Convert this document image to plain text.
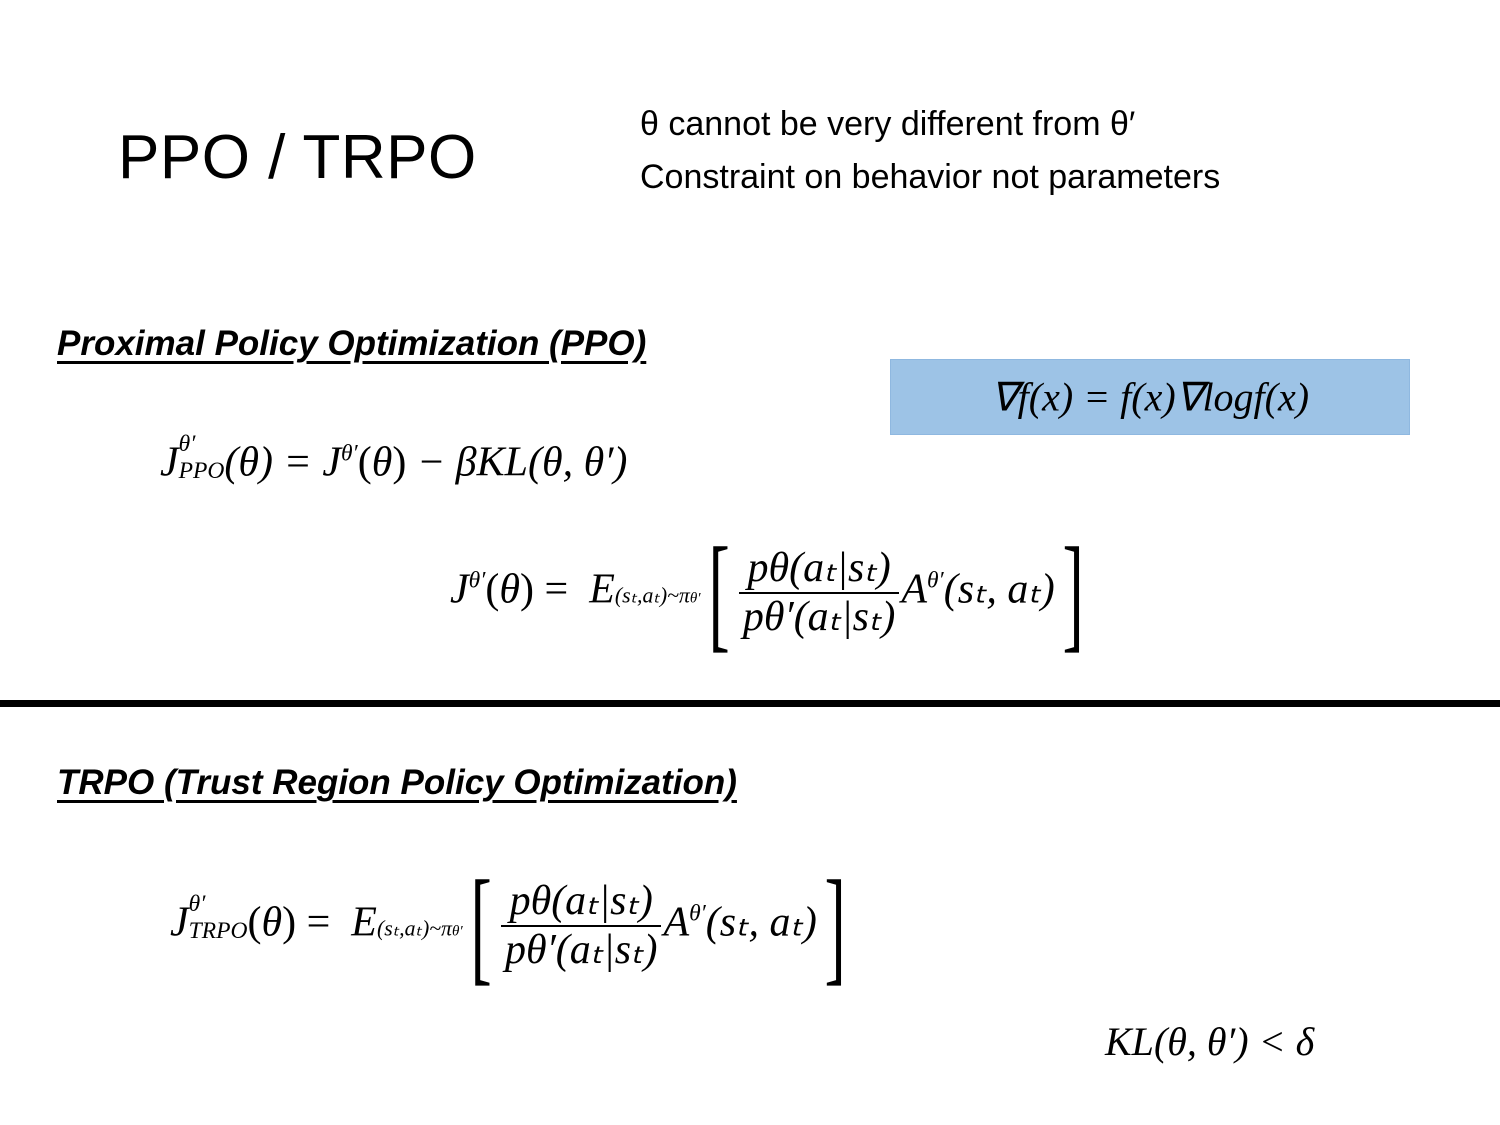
PPO / TRPO	θ cannot be very different from θ′
Constraint on behavior not parameters
Proximal Policy Optimization (PPO)
∇f(x) = f(x)∇logf(x)
J θ′
PPO $(\theta) = J^{\theta'}(\theta) - \beta KL(\theta$, θ′)
$J^{\theta'}(\theta)$ =  E(sₜ,aₜ)~πθ′[ $\frac{\text{pθ(aₜ|sₜ)}}{\text{pθ′(aₜ|sₜ)}} A^{\theta'}(s_t$, aₜ)]
TRPO (Trust Region Policy Optimization)
J θ′
TRPO (θ) =  E(sₜ,aₜ)~πθ′[ $\frac{\text{pθ(aₜ|sₜ)}}{\text{pθ′(aₜ|sₜ)}} A^{\theta'}(s_t$, aₜ)]
KL(θ, θ′) < δ
